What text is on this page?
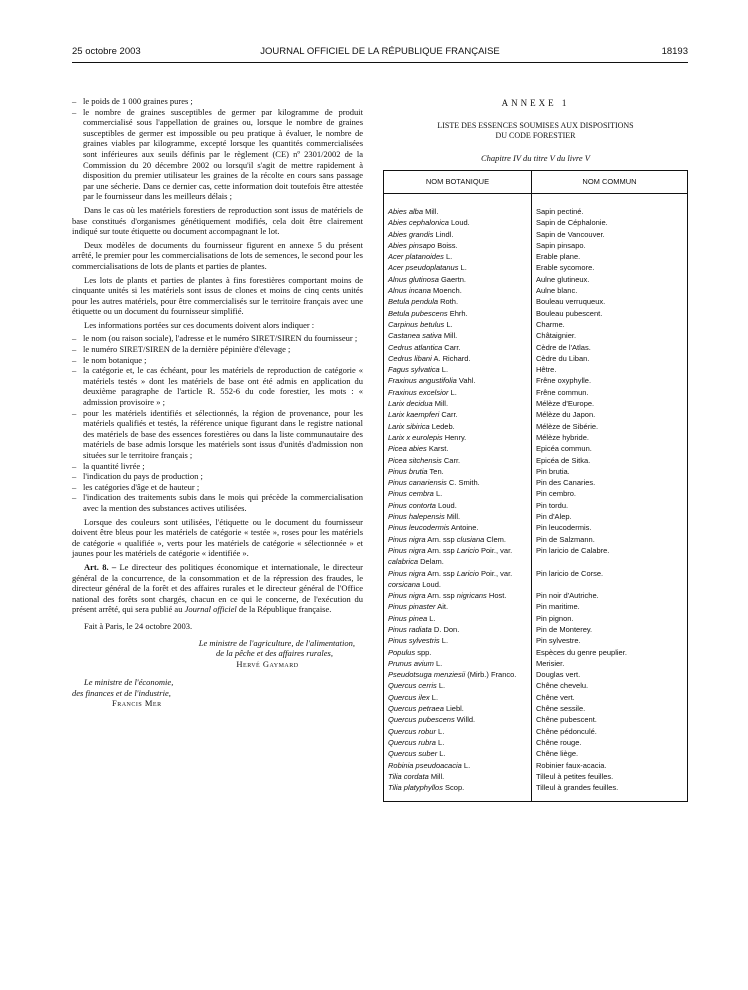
25 octobre 2003	JOURNAL OFFICIEL DE LA RÉPUBLIQUE FRANÇAISE	18193
– le poids de 1 000 graines pures ;
– le nombre de graines susceptibles de germer par kilogramme de produit commercialisé sous l'appellation de graines ou, lorsque le nombre de graines susceptibles de germer est impossible ou peu pratique à évaluer, le nombre de graines viables par kilogramme, excepté lorsque les quantités commercialisées sont inférieures aux seuils définis par le règlement (CE) nº 2301/2002 de la Commission du 20 décembre 2002 ou lorsqu'il s'agit de mettre rapidement à disposition du premier utilisateur les graines de la récolte en cours sans passage par une sécherie. Dans ce dernier cas, cette information doit toutefois être attestée par le fournisseur dans les meilleurs délais ;

Dans le cas où les matériels forestiers de reproduction sont issus de matériels de base constitués d'organismes génétiquement modifiés, cela doit être clairement indiqué sur toute étiquette ou document accompagnant le lot.

Deux modèles de documents du fournisseur figurent en annexe 5 du présent arrêté, le premier pour les commercialisations de lots de semences, le second pour les commercialisations de lots de plants et parties de plantes.

Les lots de plants et parties de plantes à fins forestières comportant moins de cinquante unités si les matériels sont issus de clones et moins de cinq cents unités pour les autres matériels, pour être commercialisés sur le territoire français avec une étiquette ou un document du fournisseur simplifié.

Les informations portées sur ces documents doivent alors indiquer :

– le nom (ou raison sociale), l'adresse et le numéro SIRET/SIREN du fournisseur ;
– le numéro SIRET/SIREN de la dernière pépinière d'élevage ;
– le nom botanique ;
– la catégorie et, le cas échéant, pour les matériels de reproduction de catégorie « matériels testés » dont les matériels de base ont été admis en application du deuxième paragraphe de l'article R. 552-6 du code forestier, les mots : « admission provisoire » ;
– pour les matériels identifiés et sélectionnés, la région de provenance, pour les matériels qualifiés et testés, la référence unique figurant dans le registre national des matériels de base des essences forestières ou dans la liste communautaire des matériels de base admis lorsque les matériels sont issus d'unités d'admission non situées sur le territoire français ;
– la quantité livrée ;
– l'indication du pays de production ;
– les catégories d'âge et de hauteur ;
– l'indication des traitements subis dans le mois qui précède la commercialisation avec la mention des substances actives utilisées.

Lorsque des couleurs sont utilisées, l'étiquette ou le document du fournisseur doivent être bleus pour les matériels de catégorie « testée », roses pour les matériels de catégorie « qualifiée », verts pour les matériels de catégorie « sélectionnée » et jaunes pour les matériels de catégorie « identifiée ».

Art. 8. – Le directeur des politiques économique et internationale, le directeur général de la concurrence, de la consommation et de la répression des fraudes, le directeur général de la forêt et des affaires rurales et le directeur général de l'Office national des forêts sont chargés, chacun en ce qui le concerne, de l'exécution du présent arrêté, qui sera publié au Journal officiel de la République française.

Fait à Paris, le 24 octobre 2003.

Le ministre de l'agriculture, de l'alimentation,
de la pêche et des affaires rurales,
Hervé Gaymard
Le ministre de l'économie,
des finances et de l'industrie,
Francis Mer
ANNEXE 1
LISTE DES ESSENCES SOUMISES AUX DISPOSITIONS
DU CODE FORESTIER
Chapitre IV du titre V du livre V
NOM BOTANIQUE	NOM COMMUN

Abies alba Mill.	Sapin pectiné.
Abies cephalonica Loud.	Sapin de Céphalonie.
Abies grandis Lindl.	Sapin de Vancouver.
Abies pinsapo Boiss.	Sapin pinsapo.
Acer platanoides L.	Erable plane.
Acer pseudoplatanus L.	Erable sycomore.
Alnus glutinosa Gaertn.	Aulne glutineux.
Alnus incana Moench.	Aulne blanc.
Betula pendula Roth.	Bouleau verruqueux.
Betula pubescens Ehrh.	Bouleau pubescent.
Carpinus betulus L.	Charme.
Castanea sativa Mill.	Châtaignier.
Cedrus atlantica Carr.	Cèdre de l'Atlas.
Cedrus libani A. Richard.	Cèdre du Liban.
Fagus sylvatica L.	Hêtre.
Fraxinus angustifolia Vahl.	Frêne oxyphylle.
Fraxinus excelsior L.	Frêne commun.
Larix decidua Mill.	Mélèze d'Europe.
Larix kaempferi Carr.	Mélèze du Japon.
Larix sibirica Ledeb.	Mélèze de Sibérie.
Larix x eurolepis Henry.	Mélèze hybride.
Picea abies Karst.	Epicéa commun.
Picea sitchensis Carr.	Epicéa de Sitka.
Pinus brutia Ten.	Pin brutia.
Pinus canariensis C. Smith.	Pin des Canaries.
Pinus cembra L.	Pin cembro.
Pinus contorta Loud.	Pin tordu.
Pinus halepensis Mill.	Pin d'Alep.
Pinus leucodermis Antoine.	Pin leucodermis.
Pinus nigra Arn. ssp clusiana Clem.	Pin de Salzmann.
Pinus nigra Arn. ssp Laricio Poir., var. calabrica Delam.	Pin laricio de Calabre.
Pinus nigra Arn. ssp Laricio Poir., var. corsicana Loud.	Pin laricio de Corse.
Pinus nigra Arn. ssp nigricans Host.	Pin noir d'Autriche.
Pinus pinaster Ait.	Pin maritime.
Pinus pinea L.	Pin pignon.
Pinus radiata D. Don.	Pin de Monterey.
Pinus sylvestris L.	Pin sylvestre.
Populus spp.	Espèces du genre peuplier.
Prunus avium L.	Merisier.
Pseudotsuga menziesii (Mirb.) Franco.	Douglas vert.
Quercus cerris L.	Chêne chevelu.
Quercus ilex L.	Chêne vert.
Quercus petraea Liebl.	Chêne sessile.
Quercus pubescens Willd.	Chêne pubescent.
Quercus robur L.	Chêne pédonculé.
Quercus rubra L.	Chêne rouge.
Quercus suber L.	Chêne liège.
Robinia pseudoacacia L.	Robinier faux-acacia.
Tilia cordata Mill.	Tilleul à petites feuilles.
Tilia platyphyllos Scop.	Tilleul à grandes feuilles.
